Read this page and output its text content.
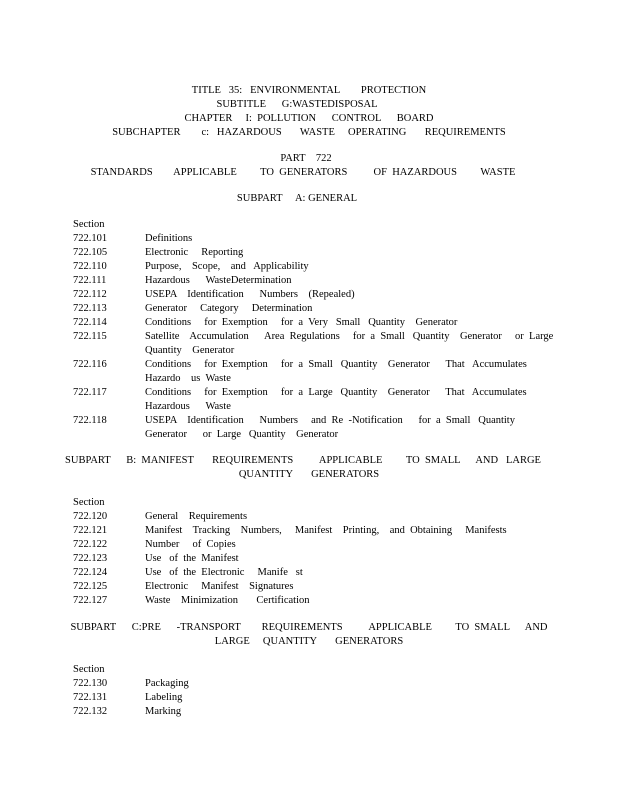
TITLE   35:   ENVIRONMENTAL        PROTECTION
SUBTITLE      G:WASTEDISPOSAL
CHAPTER     I:  POLLUTION      CONTROL      BOARD
SUBCHAPTER        c:   HAZARDOUS       WASTE     OPERATING       REQUIREMENTS
PART    722
STANDARDS        APPLICABLE         TO  GENERATORS          OF  HAZARDOUS         WASTE
SUBPART     A: GENERAL
Section
722.101	Definitions
722.105	Electronic     Reporting
722.110	Purpose,    Scope,    and   Applicability
722.111	Hazardous      WasteDetermination
722.112	USEPA    Identification      Numbers    (Repealed)
722.113	Generator     Category     Determination
722.114	Conditions     for  Exemption     for  a  Very   Small   Quantity    Generator
722.115	Satellite    Accumulation      Area  Regulations     for  a  Small   Quantity    Generator     or  Large
Quantity    Generator
722.116	Conditions     for  Exemption     for  a  Small   Quantity    Generator      That   Accumulates
Hazardo    us  Waste
722.117	Conditions     for  Exemption     for  a  Large   Quantity    Generator      That   Accumulates
Hazardous      Waste
722.118	USEPA    Identification      Numbers     and  Re  -Notification      for  a  Small   Quantity
Generator      or  Large   Quantity    Generator
SUBPART      B:  MANIFEST       REQUIREMENTS          APPLICABLE         TO  SMALL      AND   LARGE
QUANTITY       GENERATORS
Section
722.120	General    Requirements
722.121	Manifest    Tracking    Numbers,     Manifest    Printing,    and  Obtaining     Manifests
722.122	Number     of  Copies
722.123	Use   of  the  Manifest
722.124	Use   of  the  Electronic     Manife   st
722.125	Electronic     Manifest    Signatures
722.127	Waste    Minimization       Certification
SUBPART      C:PRE      -TRANSPORT        REQUIREMENTS          APPLICABLE         TO  SMALL      AND
LARGE     QUANTITY       GENERATORS
Section
722.130	Packaging
722.131	Labeling
722.132	Marking
